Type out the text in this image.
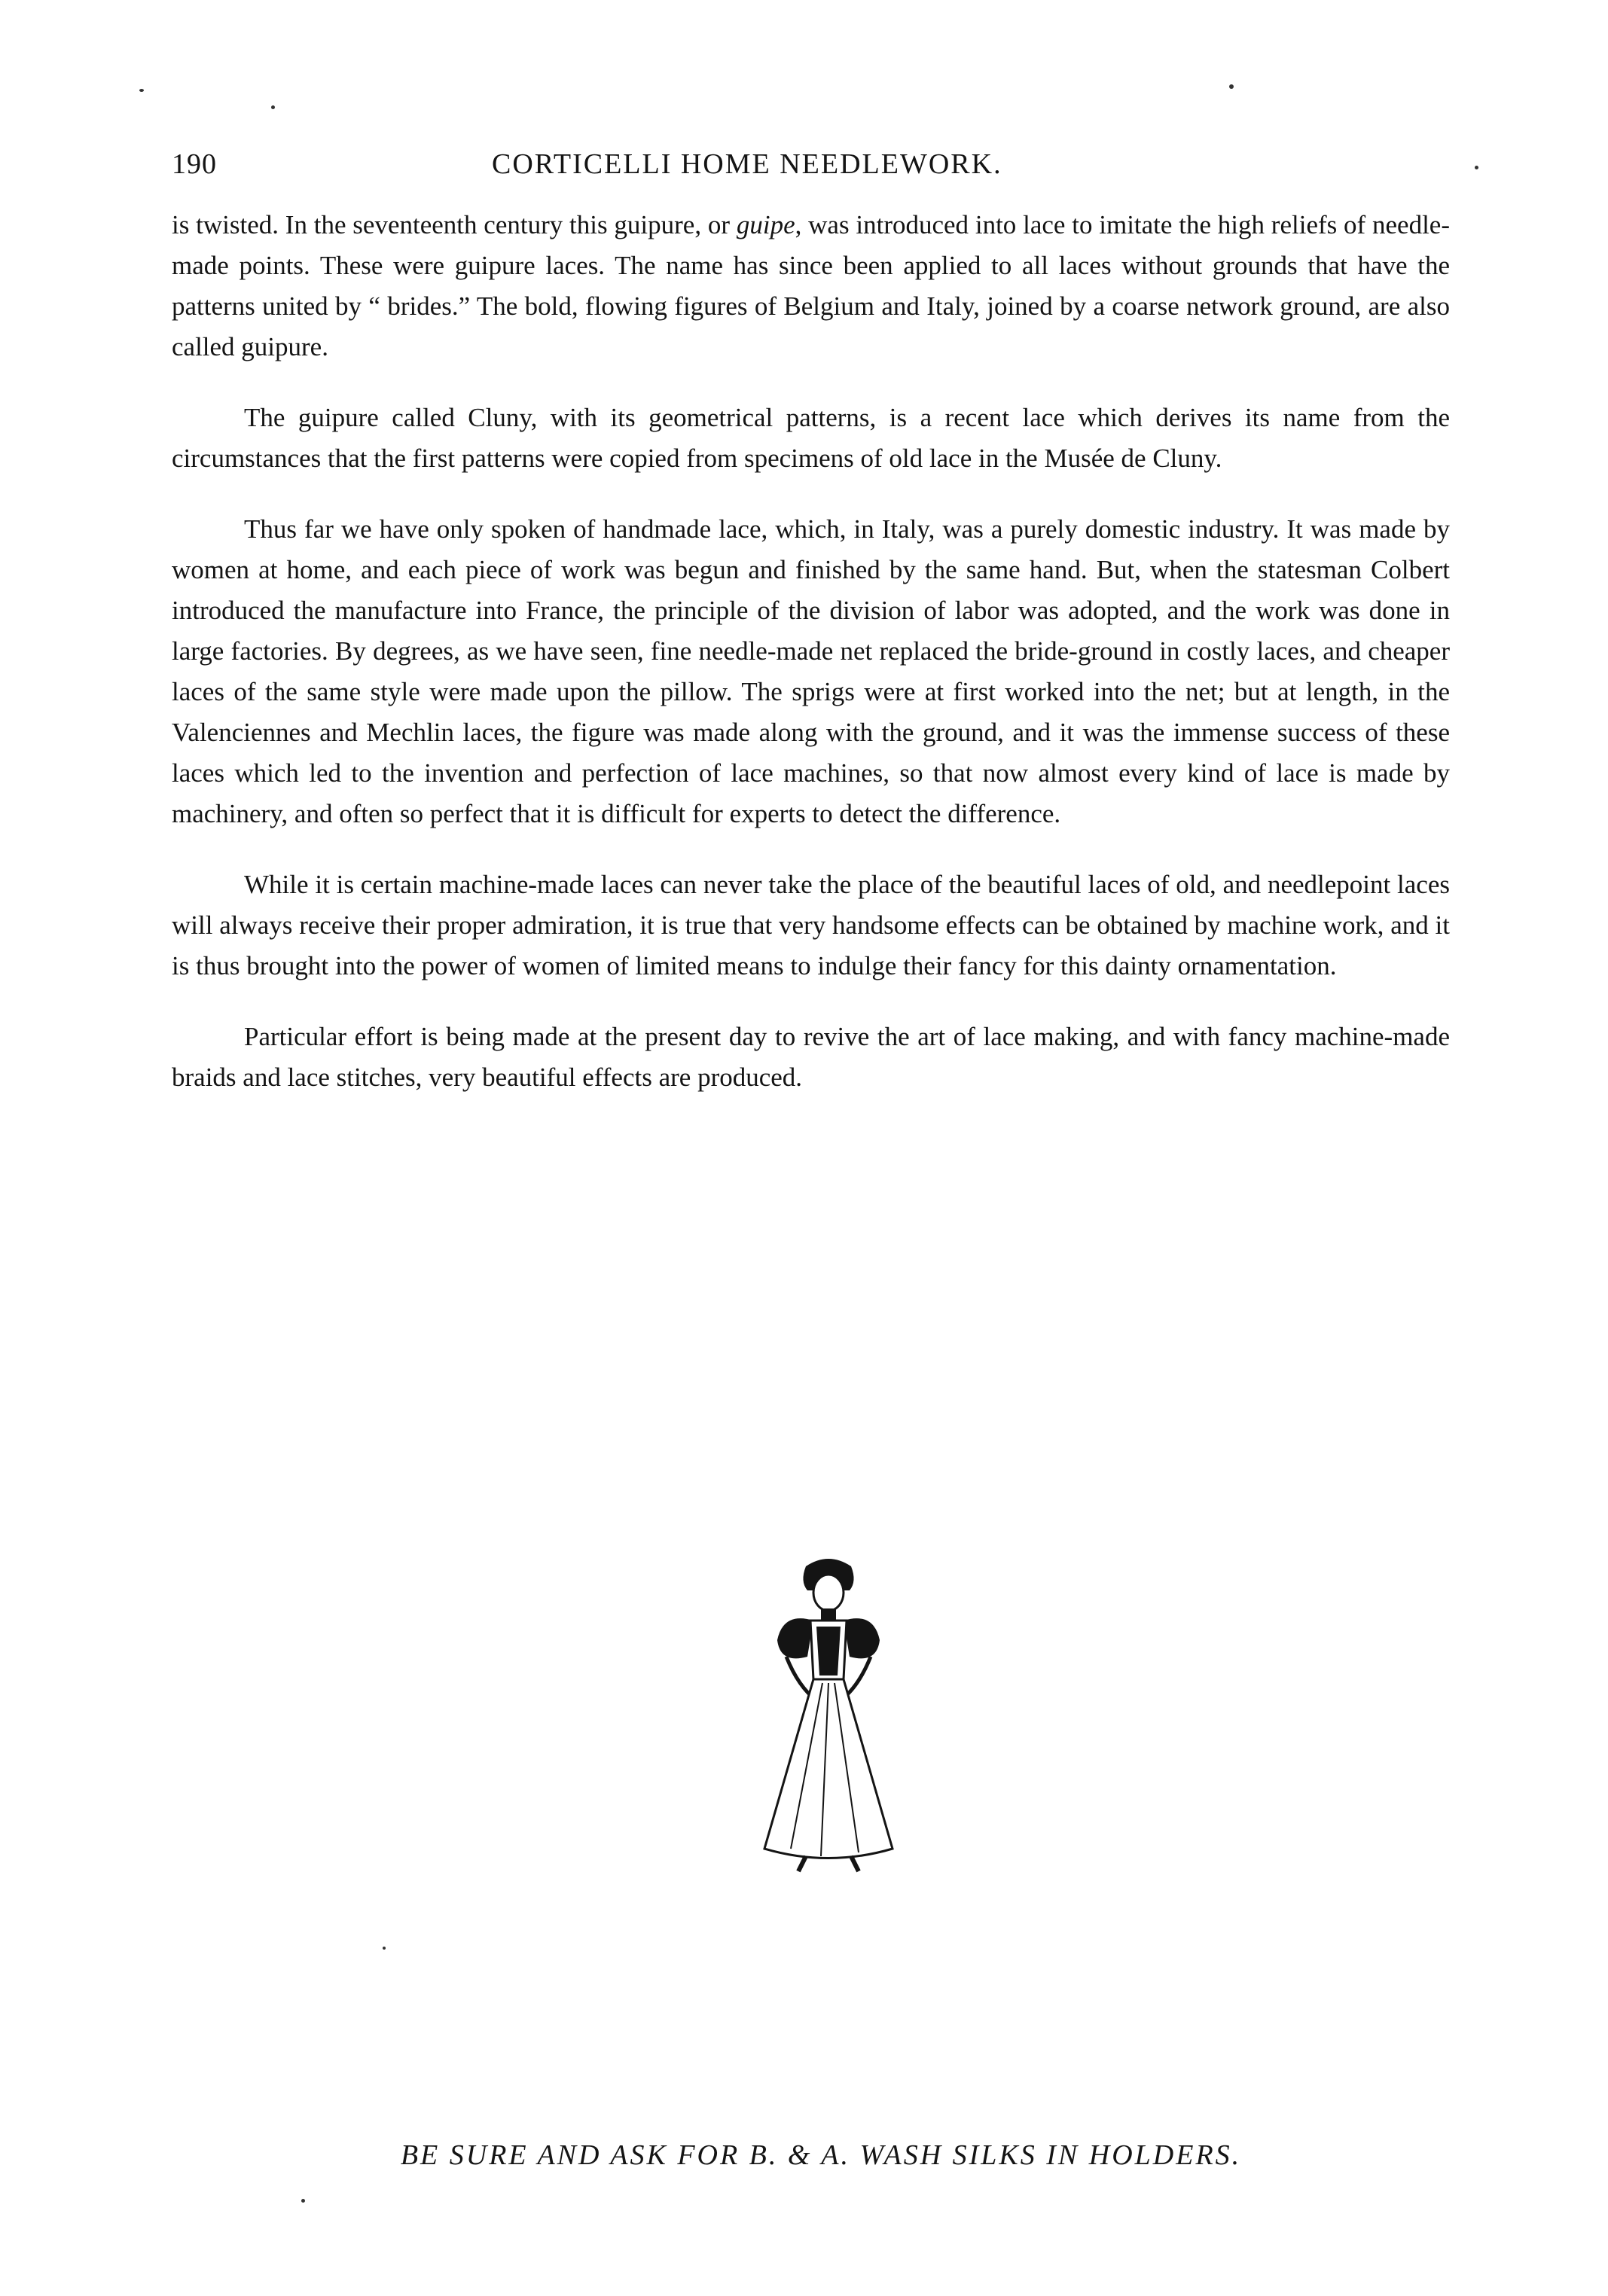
190	CORTICELLI HOME NEEDLEWORK.

is twisted. In the seventeenth century this guipure, or guipe, was introduced into lace to imitate the high reliefs of needle-made points. These were guipure laces. The name has since been applied to all laces without grounds that have the patterns united by “ brides.” The bold, flowing figures of Belgium and Italy, joined by a coarse network ground, are also called guipure.

The guipure called Cluny, with its geometrical patterns, is a recent lace which derives its name from the circumstances that the first patterns were copied from specimens of old lace in the Musée de Cluny.

Thus far we have only spoken of handmade lace, which, in Italy, was a purely domestic industry. It was made by women at home, and each piece of work was begun and finished by the same hand. But, when the statesman Colbert introduced the manufacture into France, the principle of the division of labor was adopted, and the work was done in large factories. By degrees, as we have seen, fine needle-made net replaced the bride-ground in costly laces, and cheaper laces of the same style were made upon the pillow. The sprigs were at first worked into the net; but at length, in the Valenciennes and Mechlin laces, the figure was made along with the ground, and it was the immense success of these laces which led to the invention and perfection of lace machines, so that now almost every kind of lace is made by machinery, and often so perfect that it is difficult for experts to detect the difference.

While it is certain machine-made laces can never take the place of the beautiful laces of old, and needlepoint laces will always receive their proper admiration, it is true that very handsome effects can be obtained by machine work, and it is thus brought into the power of women of limited means to indulge their fancy for this dainty ornamentation.

Particular effort is being made at the present day to revive the art of lace making, and with fancy machine-made braids and lace stitches, very beautiful effects are produced.

BE SURE AND ASK FOR B. & A. WASH SILKS IN HOLDERS.
